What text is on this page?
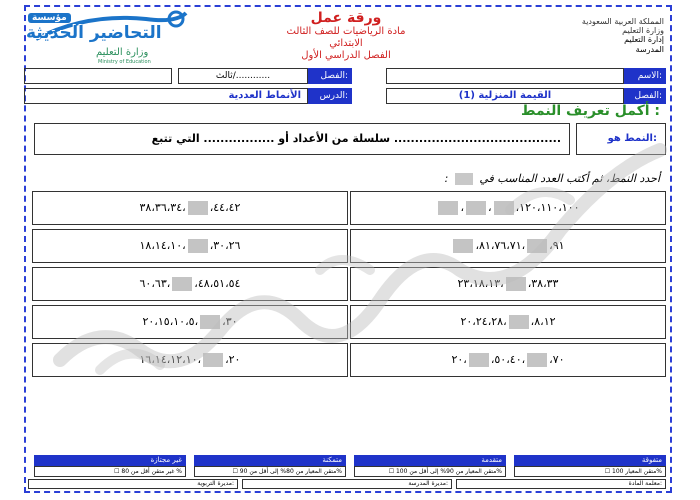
مؤسسة
التحاضير الحديثة
وزارة التعليم
Ministry of Education
ورقة عمل
مادة الرياضيات للصف الثالث
الابتدائي
الفصل الدراسي الأول
المملكة العربية السعودية
وزارة التعليم
إدارة التعليم
المدرسة
الاسم:
الفصل:
ثالث/............
الفصل:
(1) القيمة المنزلية
الدرس:
الأنماط العددية
أكمل تعريف النمط :
النمط هو:
سلسلة من الأعداد أو ................. التي تتبع ........................................
:	أحدد النمط، ثم أكتب العدد المناسب في
، ، ،١٢٠،١١٠،١٠٠
٤٤،٤٢،،٣٨،٣٦،٣٤
،	٩١،،٨١،٧٦،٧١
٣٠،٢٦،،١٨،١٤،١٠
٣٨،٣٣،،٢٣،١٨،١٣
٤٨،٥١،٥٤،،٦٠،٦٣
٨،١٢،،٢٠،٢٤،٢٨
٣٠،،٢٠،١٥،١٠،٥
٧٠،،٥٠،٤٠،،٢٠
٢٠،،١٦،١٤،١٢،١٠
متفوقة
متقدمة
متمكنة
غير مجتازة
☐ متقن المعيار 100%
☐ متقن المعيار من 90% إلى أقل من 100%
☐ متقن المعيار من 80% إلى أقل من 90%
☐ غير متقن أقل من 80 %
معلمة المادة:
مديرة المدرسة:
مديرة التربوية:
